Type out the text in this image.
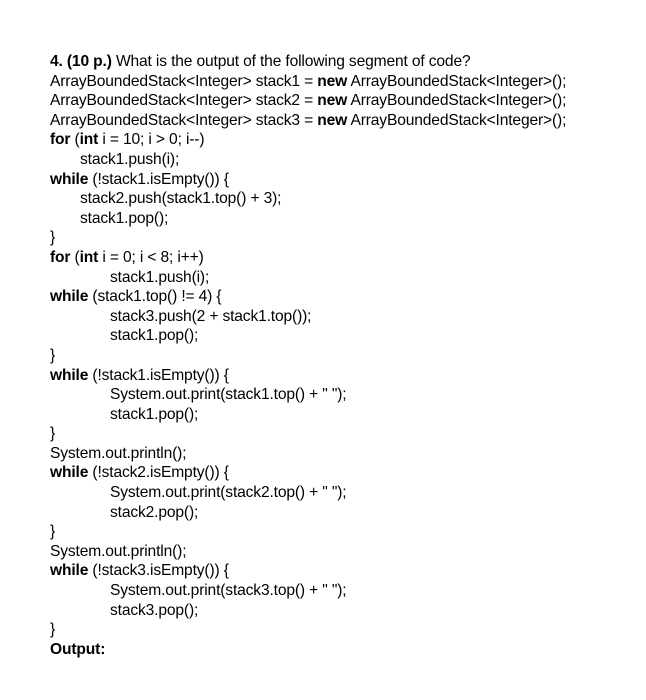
4. (10 p.) What is the output of the following segment of code?
ArrayBoundedStack<Integer> stack1 = new ArrayBoundedStack<Integer>();
ArrayBoundedStack<Integer> stack2 = new ArrayBoundedStack<Integer>();
ArrayBoundedStack<Integer> stack3 = new ArrayBoundedStack<Integer>();
for (int i = 10; i > 0; i--)
stack1.push(i);
while (!stack1.isEmpty()) {
stack2.push(stack1.top() + 3);
stack1.pop();
}
for (int i = 0; i < 8; i++)
stack1.push(i);
while (stack1.top() != 4) {
stack3.push(2 + stack1.top());
stack1.pop();
}
while (!stack1.isEmpty()) {
System.out.print(stack1.top() + " ");
stack1.pop();
}
System.out.println();
while (!stack2.isEmpty()) {
System.out.print(stack2.top() + " ");
stack2.pop();
}
System.out.println();
while (!stack3.isEmpty()) {
System.out.print(stack3.top() + " ");
stack3.pop();
}
Output:
